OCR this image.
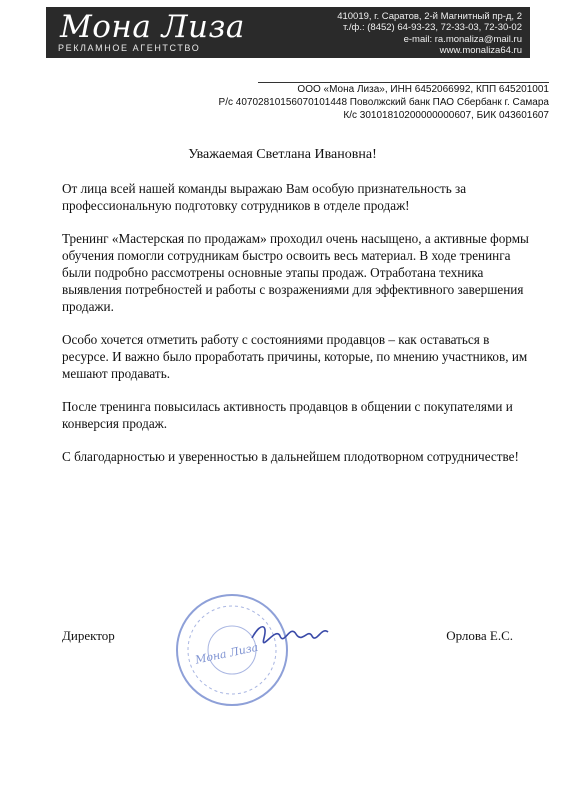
Мона Лиза
РЕКЛАМНОЕ АГЕНТСТВО
410019, г. Саратов, 2-й Магнитный пр-д, 2
т./ф.: (8452) 64-93-23, 72-33-03, 72-30-02
e-mail: ra.monaliza@mail.ru
www.monaliza64.ru
ООО «Мона Лиза», ИНН 6452066992, КПП 645201001
Р/с 40702810156070101448 Поволжский банк ПАО Сбербанк г. Самара
К/с 30101810200000000607, БИК 043601607
Уважаемая Светлана Ивановна!

От лица всей нашей команды выражаю Вам особую признательность за профессиональную подготовку сотрудников в отделе продаж!

Тренинг «Мастерская по продажам» проходил очень насыщено, а активные формы обучения помогли сотрудникам быстро освоить весь материал. В ходе тренинга были подробно рассмотрены основные этапы продаж. Отработана техника выявления потребностей и работы с возражениями для эффективного завершения продажи.

Особо хочется отметить работу с состояниями продавцов – как оставаться в ресурсе. И важно было проработать причины, которые, по мнению участников, им мешают продавать.

После тренинга повысилась активность продавцов в общении с покупателями и конверсия продаж.

С благодарностью и уверенностью в дальнейшем плодотворном сотрудничестве!

Директор	Орлова Е.С.
Мона Лиза
